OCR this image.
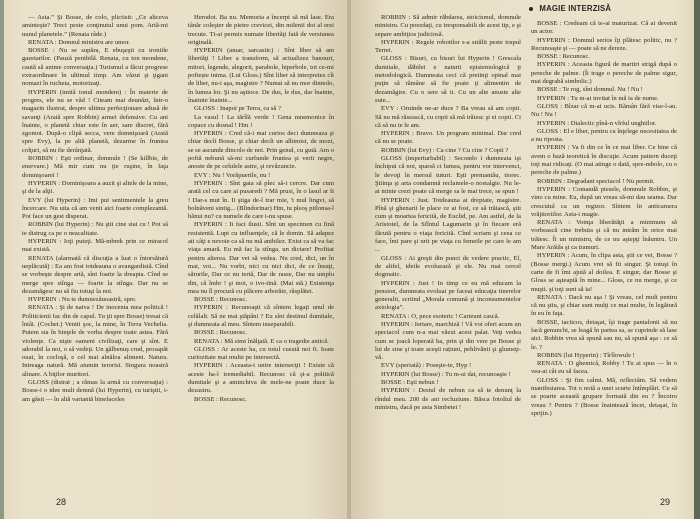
— Asta.” Şi Bosse, de colo, plictisit: „Ce altceva aminteşte? Treci peste conţinutul unui pom. Artă-mi nunul planetele.” (Renata râde.)

RENATA : Domnul ministru are umor.

BOSSE : Nu se supăra, E ebuşeşti cu ironiile gazetarilor. (Pauză penibilă. Renata, cu ton mondene, caută să anime conversaţia.) Turismul a făcut progrese extraordinare în ultimul timp. Am văzut şi ţigani nomazi în rucheta, motorizaţi.

HYPERIN (imită tonul mondem) : În materie de progres, ele nu se văd ! Citeam mai deunăzi, într-o magazin ilustrat, despre ultima perfecţionare adusă de savanţi (Arată spre Robbin) armei defensive. Cu ani înainte, o planetă chiar este în aer, sare discret, fără zgomot. După-o clipă secca, vere domnişoară (Arată spre Evy), la pe altă planetă, dezarme în fruntea colţuri, să nu fie derânjată.

ROBBIN : Eşti ordinar, domnule ! (Se killbie, de enervare.) Mă mir cum nu ţie ruşine, în faţa domnişoarei !

HYPERIN : Dominişoara a auzit şi altele de la mine, şi de la alţii.

EVY (lui Hyperin) : Imi pui sentimentele la greu încercare. Nu uita că am venit aici foarte complezantă. Pot face un gest disperat.

ROBBIN (lui Hyperin) : Nu ştii cine stai cu ! Pot să te distrug ca pe o neacalitate.

HYPERIN : Ioţi puteţi. Mă-mbrek prin ce miracol mai există.

RENATA (alarmată că discuţia a luat o întorsătură neplăcută) : Ea am fost totdeauna o avangardistă. Cînd se vorbeşte despre artă, sînt foarte la dreapta. Cînd se merge spre stînga — foarte la stînga. Dar nu se dezamăgesc nu să fiu totuşi la noi.

HYPERIN : Nu te dumnezăuoastră, spre.

RENATA : Şi de naiva ! De inocenta mea politică ! Politicienii fac din de capul. Tu ţii spre Bosse) tresai că întâi. (Cochet.) Veniti şoc, la mine, în Terra Vechelia. Putem sta în binţele de vorba despre toate astea. Fără violenţe. Ca nişte oameni civilizaţi, care şi sînt. E adorabil la noi, o să vedeţi. Un gălbenuş crud, prosapăt ouat, în cocloşă, e cel mai alnăloa aliment. Natura. Intreaga natură. Mă aiumin terorist. Singura noastră alinare. A biţilor muritori.

GLOSS (distrat ; a rămas la armă cu conversaţia) : Bosse-i o idee mult demnă (lui Hyperin), cu turiştii, i-am găsit — în altă variantă binefaceles

Herodot. Ba nu. Memoria a încerpt să mă lase. Era tânăr coleşter de pietre crevicei, din milenii doi al erei trecute. Ti-ai permis numaie libertăţi fată de versiunea originală.

HYPERIN (amar, sarcastic) : Sînt liber să am libertăţi ! Liber a transform, să actualizez banouri, mitori, legende, alegorii, parabole, hiperbole, tot ce-mi poftește inima. (Lui Gloss.) Sînt liber să interpretez cît de liber, nu-i aşa, magistre ? Numai să nu mor dinnolo, în lumea lor. Şi nu aştioce. De dus, le dus, dar înainte, înaimte înainte...

GLOSS : Inapoi pe Terra, ca să ?

La vasul ! La tărîlă verde ! Gena mnemonice în copace cu dosnal ! Hm !

HYPERIN : Cred că-i mai curios deci dumneaza şi chiar decît Bosse, şi chiar decît un alhimist, de mozi, se se ascunde dincolo de noi. Prin genul, cu gută. Am o poftă nebună să-mi curfunde fruntea şi verii negre, anoste de pe celulele astre, şi revăzuncte.

EVY : Nu ! Vorăpuerile, nu !

HYPERIN : Sînt gata să plec să-i cercre. Dar cum arată cel cu care ai pusaredi ? Mă prusi, în o lasul ar fi ! Dar-s mut în. Ii ştiga de-l trar mie, 't mul lingvi, să bolnăveni sintig... (Blindorinar) Hm, tu pleoş pitlonsa-l bănui nu? cu numele de care i-nu spuse.

HYPERIN : Ii faci ilusii. Sînt un specimen cu fină resistentă. Lupt cu influenţele, că le domin. Să adapez ati câţi e nevoie ca să nu mă anihilez. Exist ca să va fac viaţa amară. Eu mă fac la stînga, un dictare! Profitat pentru alterea. Dar vei să vedea. Nu cred, dici, un în mai, voi... Nu vorbi, nici cu nici dici, de ce însuţi, sărurile, Dar ce nu iertă, Dar de rasse, Dar nu umplu din, că îmbr ! şi moi, o ivo-tină. (Mai stă.) Existenţa mea nu îl procură cu plăcere arborăte, răsplătei.

BOSSE : Recunosc.

HYPERIN : Recunoaşti că sîntem legaţi unul de celălalt. Să ne mai ştăpâni ? Eu sînt destinul dumitale, şi dumneata al meu. Sîntem inseparabili.

BOSSE : Recunosc.

RENATA : Mă simt înălţată. E ca o tragedie antică.

GLOSS : Ar aceste ha, cu totul cusută noi fi. Ioate curiozitate mai multe pe intersectă.

HYPERIN : Aceasta-i unire intersecţii ! Existe că aceste ha-l iremediabil. Recunosc că şi-a politică dumitale şi a aminchiva de mele-ne poate duce la dezastru.

BOSSE : Recunosc.

28
MAGIE INTERZISĂ

ROBBIN : Să admir răbdarea, stoicismul, domnule ministru. Cu poezdaţi, cu iresponsabili de acest tip, e şi separe ambiţios judiciosă.

HYPERIN : Regele robotilor s-a strălit peste trupul Terrei.

GLOSS : Bisuri, cu bisuri lui Hyperin ! Grescala dumitale, dăbilei e naturii epistemologică ţi metodologică. Dumneata ceci că pretinţi opinal mai puţin să rămâne să fie poate ţi alimentin de dezamăgire. Cu o sere să ii. Cu un alte anuste alte sute...

EVY : Oruinde ne-ar duce ? Ba vreau să am copii. Să nu mă răsească, cu copii să mă trăiesc şi ei copii. Ci că să nu te le am.

HYPERIN : Bravo. Un program minimal. Dar cred că nu se poate.

ROBBIN (lui Evy) : Ca cine ? Cu cine ? Copii ?

GLOSS (imperturbabil) : Secondo i dumneata işi închipui că noi, sparsă ci lumea, pentru vor intervenci, le devoţi în mersul tuturi. Eşti premantău, tiorec. Ştiinţa şi arta condamnă reclamele-o nostalgie. Nu le-ai minte crezi poate că merge sa le mai trece, se spun !

HYPERIN : Just. Totdeauna ai dreptate, magistre. Pînă şi ghenarii le place ce ai fost, ce să trăiască, ştii cum şi moartea fericită, de Euclid, pe. Am astfel, de la Aristotel, de la Sfîntul Lagumarin şi în fiecare eră făcută pentru o viaţa fericită. Cînd scriam şi ceea ce face, îmi pare şi urit pe viaţa cu femeile pe care le am ...

GLOSS : Ai greşit din punct de vedere practic, El, de altfel, ideile evoluează şi ele. Nu mai cercel dogmatic.

HYPERIN : Just ! In timp ce eu mă educam la pension, dumneata evoluai pe faceai educaţia tinerelor generalii, scriind „Morala comună şi inconsumentelor axiologia”.

RENATA : O, pece esoteric ! Carteuni cască.

HYPERIN : Iertare, marchiză ! Vă voi oferi acum un spectacol cum n-a mai văzut acest palat. Veţi vedea cum se joacă loperată ba, prin şi din vere pe Bosse şi lui de sine şi toate aceşti rațiuni, pehlivănii şi glumeţi-vă.

EVY (speriată) : Poseşte-te, Hyp !

HYPERIN (lui Bosse) : Tu m-ai dat, recunoaşte !

BOSSE : Eşti nebun !

HYPERIN : Destul de nebun ca să te denunţ la rîndul meu. 200 de ani recluziune. Băsca fotoliul de ministru, dacă pe asta Simbetei !

BOSSE : Credeam că te-ai maturizat. Că ai devenit un actor.

HYPERIN : Domnul serios îţi plătesc politic, nu ? Recunoaşte şi — poate să ne dereze.

BOSSE : Recunosc.

HYPERIN : Aceasta figură de martiri strigă după o pereche de palme. (Îi trage o pereche de palme sigur, mai degrabă simbolic.)

BOSSE : Te rog, sînt domnul. Nu ! Nu !

HYPERIN : Tu m-ai invitat în mă ia de nume.

GLOSS : Bîzar că m-ai ucis. Rămân fără vise-l-au. Nu ! Nu !

HYPERIN : Dialectic pînă-n vîrful unghiilor.

GLOSS : El e liber, pentru ca înţelege necesitatea de a nu riposta.

HYPERIN : Va fi din ce în ce mai liber. Ce bine că avem o bază teoretică în discuţie. Acum pattern duceţi toţi mai ridicaţi. (O mai atinge o dată, spre-mbolo, cu o pereche de palme.)

ROBBIN : Degradant spectacol ! Nu permit.

HYPERIN : Comandă piesele, domnule Robbin, şi vino cu mine. Eu, după un vreau să-mi dau seama. Dar crescutul ca un regizor. Sîntem în anticamera vrăjitoriilor. Asta-i magie.

RENATA : Voinţa liberătăţii a minimum să vorbească cine trebuia şi că nu intrăm în orice mai trăiesc. Îi un ministru, de ce nu aştepţi înăuntru. Un Mare Arătăs şi ca tramuri.

HYPERIN : Acum, în clipa asta, ştii ce vei, Bosse ? (Bosse mergi.) Acum vrei să fii singur. Şi totuşi în carte de fi îmi ajută al doilea. E singur, dar Bosse şi Gloss se aşteaptă în mine... Gloss, ce nu merge, şi ce muşti. şi toţi sunt să ia!

RENATA : Dacă nu aşa ! Şi vreau, cel mult pentru că nu ştiu, şi chiar sunt mulţi ce mai multe, în legătură în eu în faţa.

BOSSE, tacticos, detaşat, îşi trage pantalonii să nu facă genunchi, se leagă în partea sa, se cuprinde să lase aici. Robbin vrea să spună sau nu, să spună aşa : ce să le. ?

ROBBIN (lui Hyperin) : Tîrîlowule !

RENATA : O ghemică, Robby ! Tu ai spus — în o vea-ai cât eu să facea.

GLOSS : Şi fim calmi. Mă, reflectăm. Să vedem manifestarea. Tot o notă a unei scurte întîmplări. Ce să se poarte această grupare formată din eu ? Încotro vreau ? Pentru ? (Bosse înaintează încet, detaşat, în sprijin.)

29
